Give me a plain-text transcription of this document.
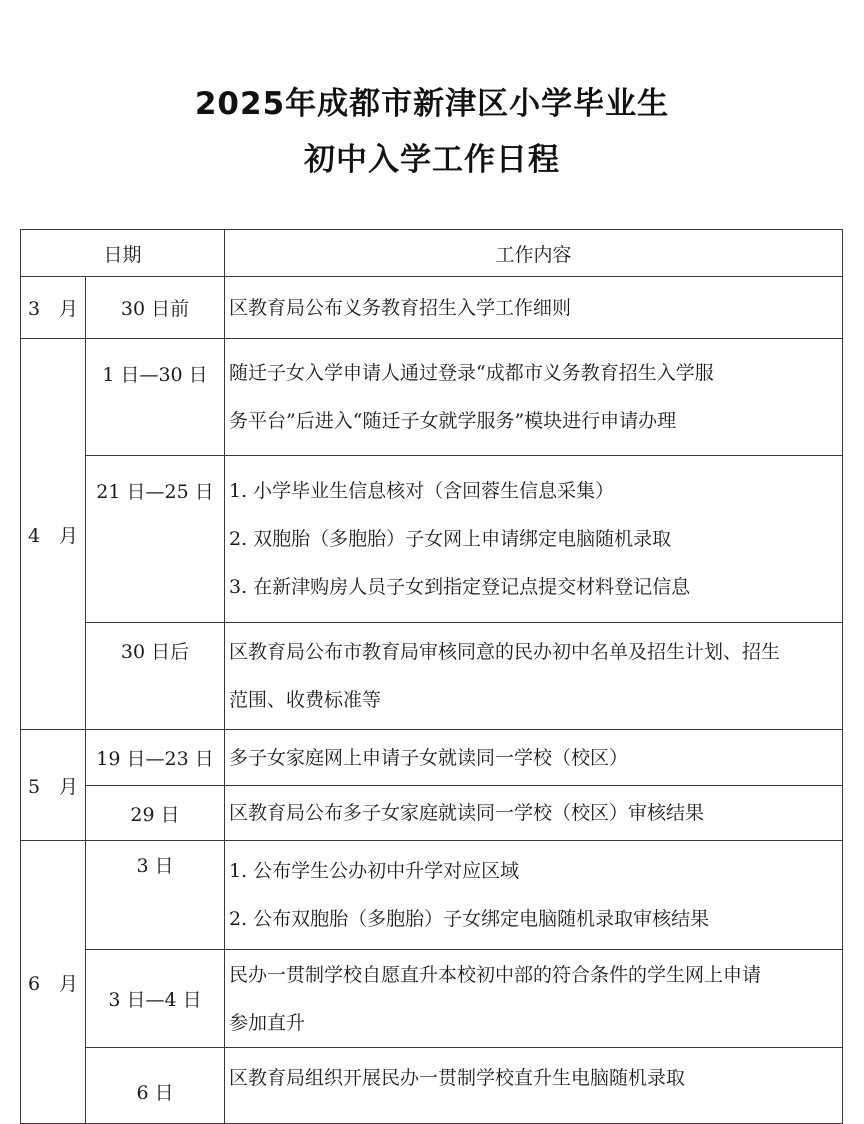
2025年成都市新津区小学毕业生
初中入学工作日程
日期		工作内容
3　月	30 日前	区教育局公布义务教育招生入学工作细则

4　月	1 日—30 日	随迁子女入学申请人通过登录“成都市义务教育招生入学服
务平台”后进入“随迁子女就学服务”模块进行申请办理

	21 日—25 日	1. 小学毕业生信息核对（含回蓉生信息采集）
2. 双胞胎（多胞胎）子女网上申请绑定电脑随机录取
3. 在新津购房人员子女到指定登记点提交材料登记信息

	30 日后	区教育局公布市教育局审核同意的民办初中名单及招生计划、招生
范围、收费标准等

5　月	19 日—23 日	多子女家庭网上申请子女就读同一学校（校区）

	29 日	区教育局公布多子女家庭就读同一学校（校区）审核结果

6　月	3 日	1. 公布学生公办初中升学对应区域
2. 公布双胞胎（多胞胎）子女绑定电脑随机录取审核结果

	3 日—4 日	民办一贯制学校自愿直升本校初中部的符合条件的学生网上申请
参加直升

	6 日	区教育局组织开展民办一贯制学校直升生电脑随机录取
